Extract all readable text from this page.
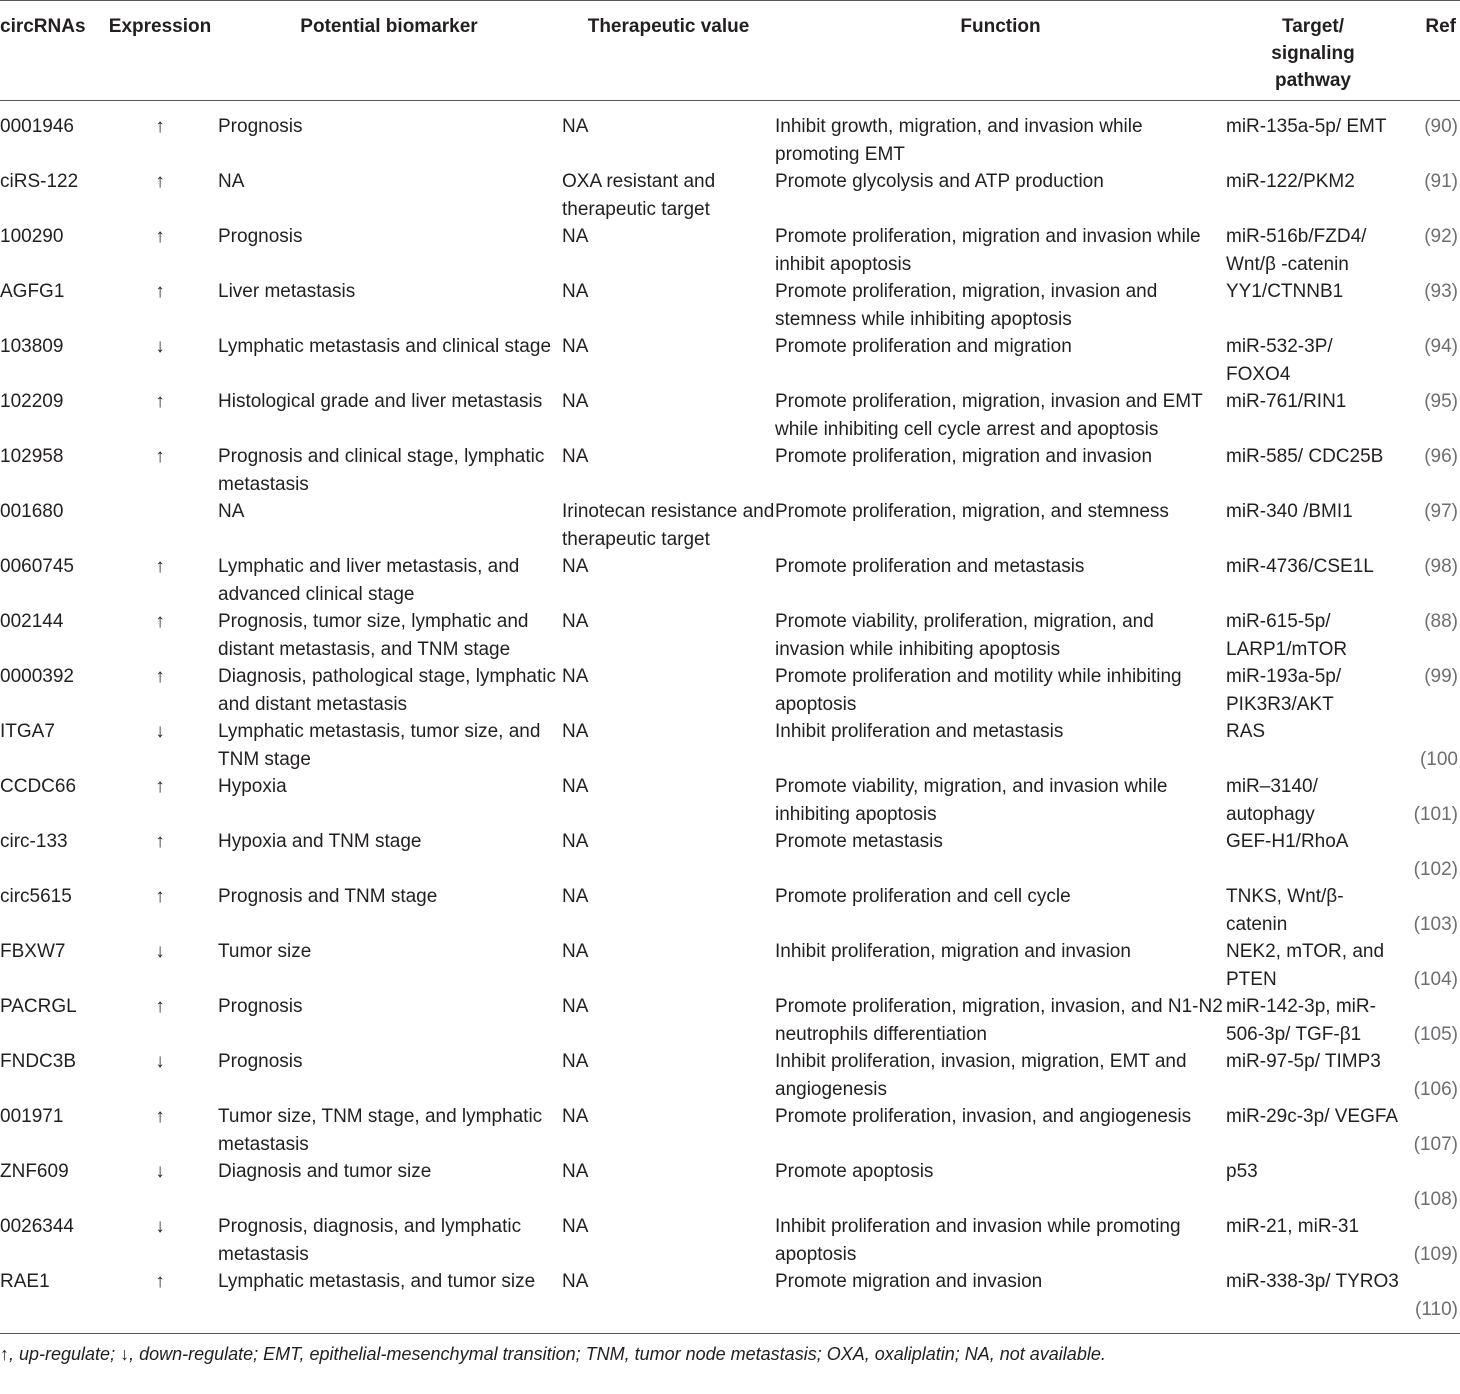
circRNAs	Expression	Potential biomarker	Therapeutic value	Function	Target/ signaling pathway	Ref
0001946	↑	Prognosis	NA	Inhibit growth, migration, and invasion while promoting EMT	miR-135a-5p/ EMT	(90)
ciRS-122	↑	NA	OXA resistant and therapeutic target	Promote glycolysis and ATP production	miR-122/PKM2	(91)
100290	↑	Prognosis	NA	Promote proliferation, migration and invasion while inhibit apoptosis	miR-516b/FZD4/ Wnt/β -catenin	(92)
AGFG1	↑	Liver metastasis	NA	Promote proliferation, migration, invasion and stemness while inhibiting apoptosis	YY1/CTNNB1	(93)
103809	↓	Lymphatic metastasis and clinical stage	NA	Promote proliferation and migration	miR-532-3P/ FOXO4	(94)
102209	↑	Histological grade and liver metastasis	NA	Promote proliferation, migration, invasion and EMT while inhibiting cell cycle arrest and apoptosis	miR-761/RIN1	(95)
102958	↑	Prognosis and clinical stage, lymphatic metastasis	NA	Promote proliferation, migration and invasion	miR-585/ CDC25B	(96)
001680		NA	Irinotecan resistance and therapeutic target	Promote proliferation, migration, and stemness	miR-340 /BMI1	(97)
0060745	↑	Lymphatic and liver metastasis, and advanced clinical stage	NA	Promote proliferation and metastasis	miR-4736/CSE1L	(98)
002144	↑	Prognosis, tumor size, lymphatic and distant metastasis, and TNM stage	NA	Promote viability, proliferation, migration, and invasion while inhibiting apoptosis	miR-615-5p/ LARP1/mTOR	(88)
0000392	↑	Diagnosis, pathological stage, lymphatic and distant metastasis	NA	Promote proliferation and motility while inhibiting apoptosis	miR-193a-5p/ PIK3R3/AKT	(99)
ITGA7	↓	Lymphatic metastasis, tumor size, and TNM stage	NA	Inhibit proliferation and metastasis	RAS	(100
CCDC66	↑	Hypoxia	NA	Promote viability, migration, and invasion while inhibiting apoptosis	miR–3140/ autophagy	(101)
circ-133	↑	Hypoxia and TNM stage	NA	Promote metastasis	GEF-H1/RhoA	(102)
circ5615	↑	Prognosis and TNM stage	NA	Promote proliferation and cell cycle	TNKS, Wnt/β- catenin	(103)
FBXW7	↓	Tumor size	NA	Inhibit proliferation, migration and invasion	NEK2, mTOR, and PTEN	(104)
PACRGL	↑	Prognosis	NA	Promote proliferation, migration, invasion, and N1-N2 neutrophils differentiation	miR-142-3p, miR-506-3p/ TGF-β1	(105)
FNDC3B	↓	Prognosis	NA	Inhibit proliferation, invasion, migration, EMT and angiogenesis	miR-97-5p/ TIMP3	(106)
001971	↑	Tumor size, TNM stage, and lymphatic metastasis	NA	Promote proliferation, invasion, and angiogenesis	miR-29c-3p/ VEGFA	(107)
ZNF609	↓	Diagnosis and tumor size	NA	Promote apoptosis	p53	(108)
0026344	↓	Prognosis, diagnosis, and lymphatic metastasis	NA	Inhibit proliferation and invasion while promoting apoptosis	miR-21, miR-31	(109)
RAE1	↑	Lymphatic metastasis, and tumor size	NA	Promote migration and invasion	miR-338-3p/ TYRO3	(110)
↑, up-regulate; ↓, down-regulate; EMT, epithelial-mesenchymal transition; TNM, tumor node metastasis; OXA, oxaliplatin; NA, not available.
